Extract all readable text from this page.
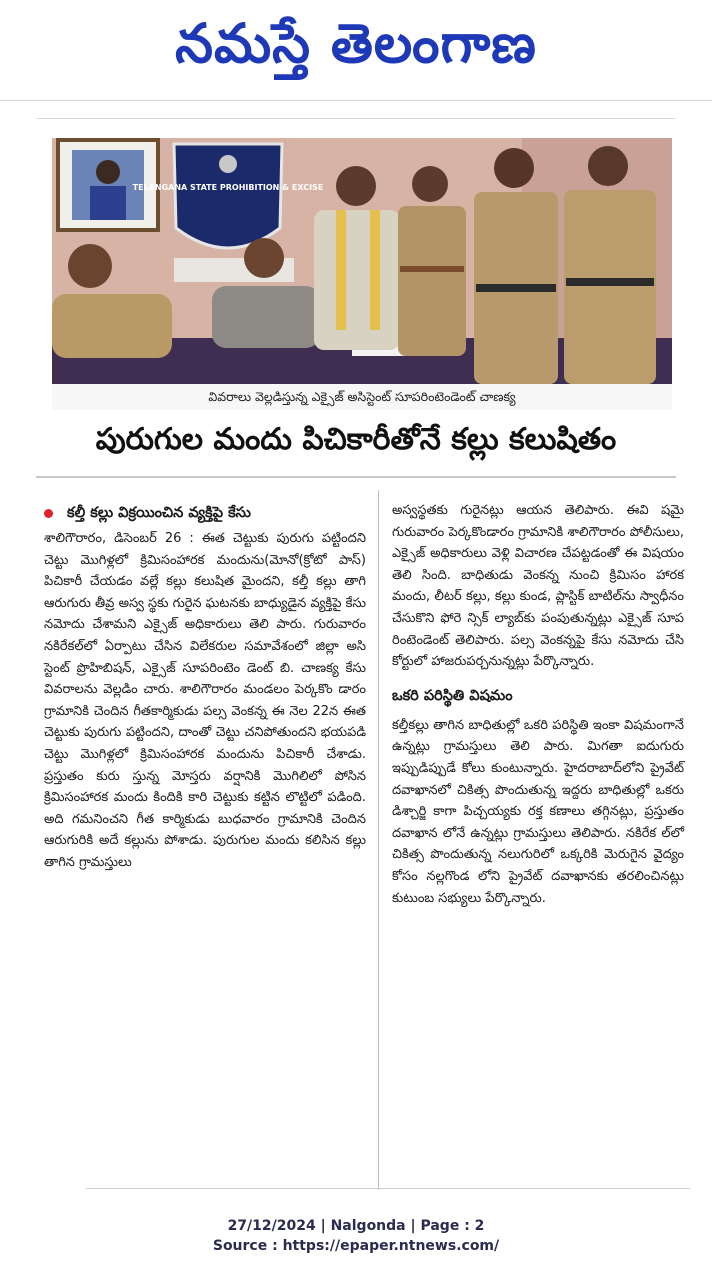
నమస్తే తెలంగాణ
TELANGANA STATE PROHIBITION & EXCISE
వివరాలు వెల్లడిస్తున్న ఎక్సైజ్ అసిస్టెంట్ సూపరింటెండెంట్ చాణక్య
పురుగుల మందు పిచికారీతోనే కల్లు కలుషితం
కల్తీ కల్లు విక్రయించిన వ్యక్తిపై కేసు

శాలిగౌరారం, డిసెంబర్ 26 : ఈత చెట్టుకు పురుగు పట్టిందని చెట్టు మొగిళ్లలో క్రిమిసంహారక మందును(మోనో(క్రోటో పాస్) పిచికారీ చేయడం వల్లే కల్లు కలుషిత మైందని, కల్తీ కల్లు తాగి ఆరుగురు తీవ్ర అస్వ స్థకు గురైన ఘటనకు బాధ్యుడైన వ్యక్తిపై కేసు నమోదు చేశామని ఎక్సైజ్ అధికారులు తెలి పారు. గురువారం నకిరేకల్‌లో ఏర్పాటు చేసిన విలేకరుల సమావేశంలో జిల్లా అసి స్టెంట్ ప్రొహిబిషన్, ఎక్సైజ్ సూపరింటెం డెంట్ బి. చాణక్య కేసు వివరాలను వెల్లడిం చారు. శాలిగౌరారం మండలం పెర్కకొం డారం గ్రామానికి చెందిన గీతకార్మికుడు పల్స వెంకన్న ఈ నెల 22న ఈత చెట్టుకు పురుగు పట్టిందని, దాంతో చెట్టు చనిపోతుందని భయపడి చెట్టు మొగిళ్లలో క్రిమిసంహారక మందును పిచికారీ చేశాడు. ప్రస్తుతం కురు స్తున్న మోస్తరు వర్షానికి మొగిలిలో పోసిన క్రిమిసంహారక మందు కిందికి కారి చెట్టుకు కట్టిన లొట్టిలో పడింది. అది గమనించని గీత కార్మికుడు బుధవారం గ్రామానికి చెందిన ఆరుగురికి అదే కల్లును పోశాడు. పురుగుల మందు కలిసిన కల్లు తాగిన గ్రామస్తులు

అస్వస్థతకు గురైనట్లు ఆయన తెలిపారు. ఈవి షమై గురువారం పెర్కకొండారం గ్రామానికి శాలిగౌరారం పోలీసులు, ఎక్సైజ్ అధికారులు వెళ్లి విచారణ చేపట్టడంతో ఈ విషయం తెలి సింది. బాధితుడు వెంకన్న నుంచి క్రిమిసం హారక మందు, లీటర్ కల్లు, కల్లు కుండ, ప్లాస్టిక్ బాటిల్‌ను స్వాధీనం చేసుకొని ఫోరె న్సిక్ ల్యాబ్‌కు పంపుతున్నట్లు ఎక్సైజ్ సూప రింటెండెంట్ తెలిపారు. పల్స వెంకన్నపై కేసు నమోదు చేసి కోర్టులో హాజరుపర్చనున్నట్లు పేర్కొన్నారు.

ఒకరి పరిస్థితి విషమం

కల్తీకల్లు తాగిన బాధితుల్లో ఒకరి పరిస్థితి ఇంకా విషమంగానే ఉన్నట్లు గ్రామస్తులు తెలి పారు. మిగతా ఐదుగురు ఇప్పుడిప్పుడే కోలు కుంటున్నారు. హైదరాబాద్‌లోని ప్రైవేట్ దవాఖానలో చికిత్స పొందుతున్న ఇద్దరు బాధితుల్లో ఒకరు డిశ్చార్జి కాగా పిచ్చయ్యకు రక్త కణాలు తగ్గినట్లు, ప్రస్తుతం దవాఖాన లోనే ఉన్నట్లు గ్రామస్తులు తెలిపారు. నకిరేక ల్‌లో చికిత్స పొందుతున్న నలుగురిలో ఒక్కరికి మెరుగైన వైద్యం కోసం నల్లగొండ లోని ప్రైవేట్ దవాఖానకు తరలించినట్లు కుటుంబ సభ్యులు పేర్కొన్నారు.

27/12/2024 | Nalgonda | Page : 2
Source : https://epaper.ntnews.com/
